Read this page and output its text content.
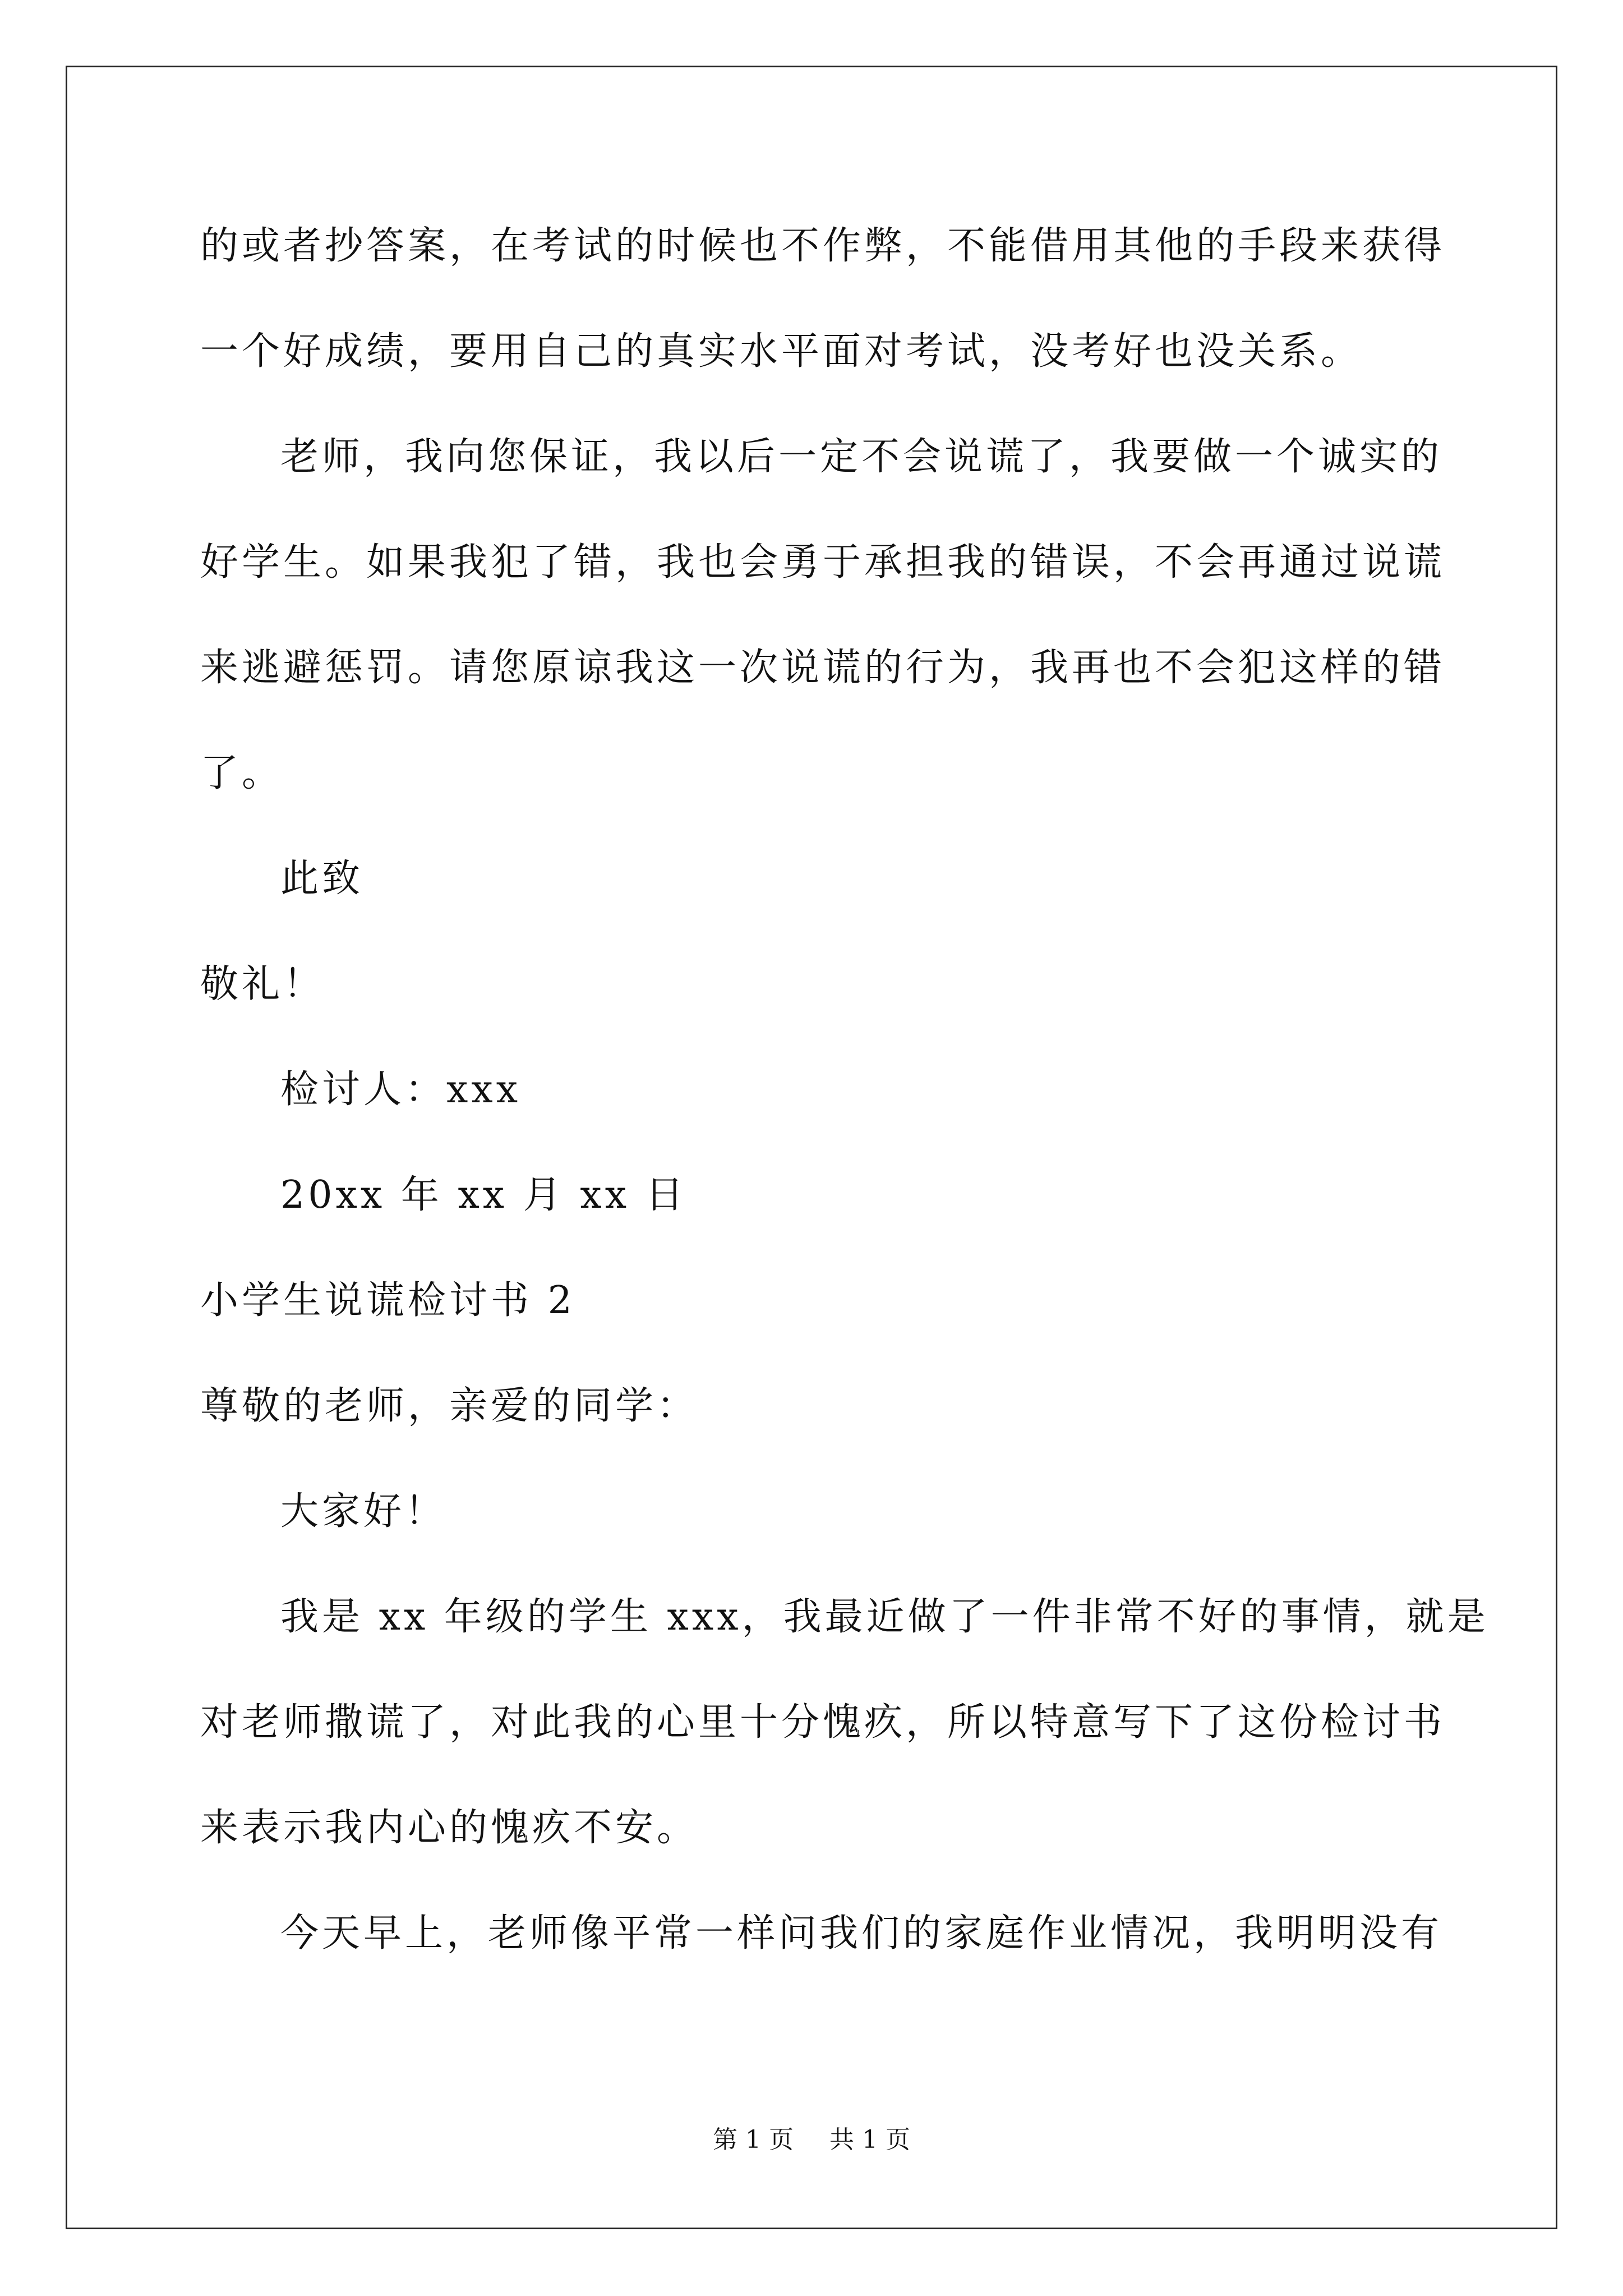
的或者抄答案，在考试的时候也不作弊，不能借用其他的手段来获得
一个好成绩，要用自己的真实水平面对考试，没考好也没关系。
老师，我向您保证，我以后一定不会说谎了，我要做一个诚实的
好学生。如果我犯了错，我也会勇于承担我的错误，不会再通过说谎
来逃避惩罚。请您原谅我这一次说谎的行为，我再也不会犯这样的错
了。
此致
敬礼！
检讨人：xxx
20xx 年 xx 月 xx 日
小学生说谎检讨书 2
尊敬的老师，亲爱的同学：
大家好！
我是 xx 年级的学生 xxx，我最近做了一件非常不好的事情，就是
对老师撒谎了，对此我的心里十分愧疚，所以特意写下了这份检讨书
来表示我内心的愧疚不安。
今天早上，老师像平常一样问我们的家庭作业情况，我明明没有
第 1 页 共 1 页
